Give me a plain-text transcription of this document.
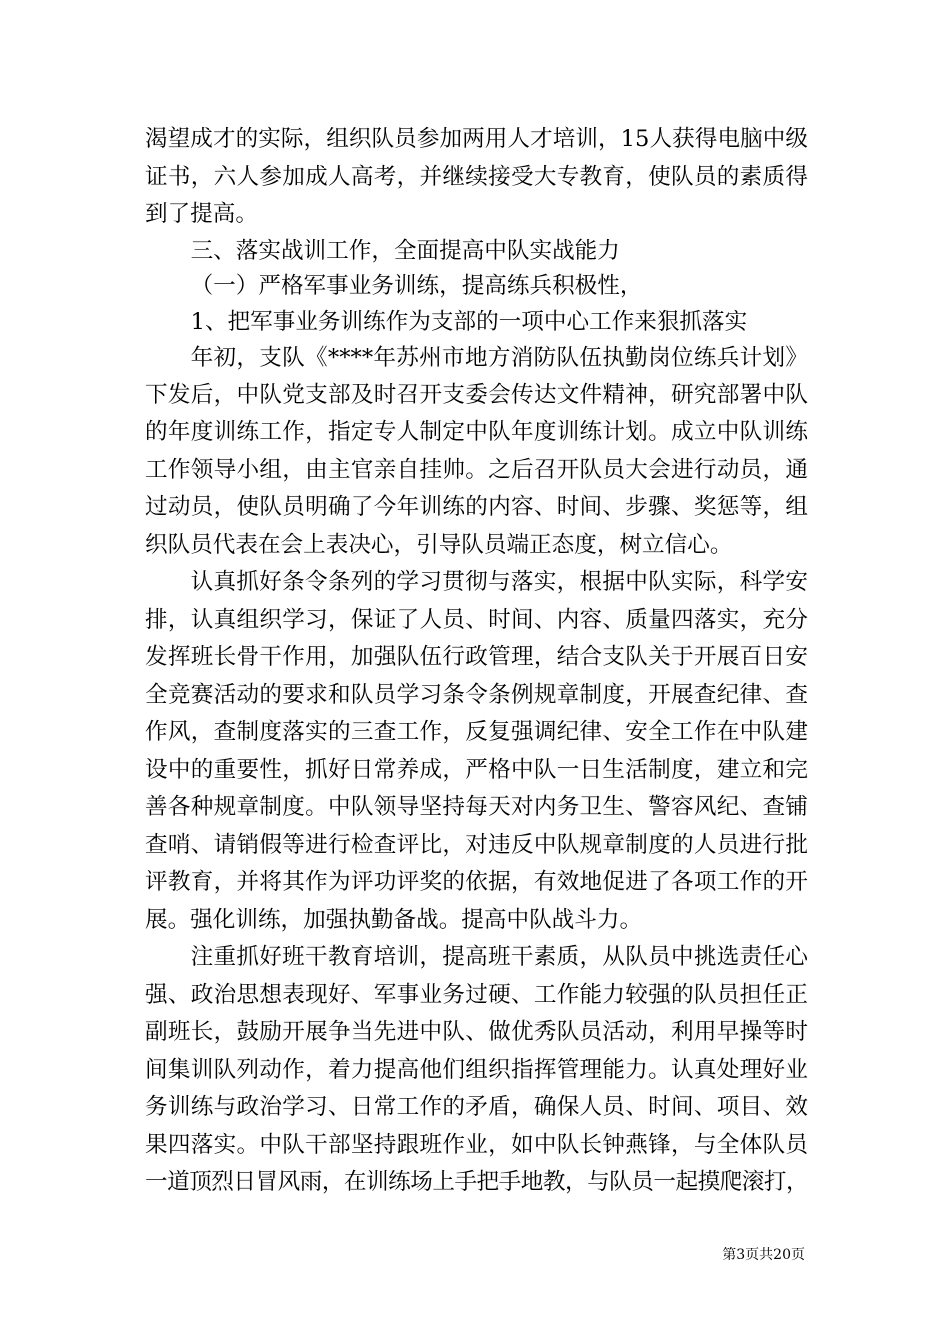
渴望成才的实际，组织队员参加两用人才培训，15人获得电脑中级
证书，六人参加成人高考，并继续接受大专教育，使队员的素质得
到了提高。
三、落实战训工作，全面提高中队实战能力
（一）严格军事业务训练，提高练兵积极性，
1、把军事业务训练作为支部的一项中心工作来狠抓落实
年初，支队《****年苏州市地方消防队伍执勤岗位练兵计划》
下发后，中队党支部及时召开支委会传达文件精神，研究部署中队
的年度训练工作，指定专人制定中队年度训练计划。成立中队训练
工作领导小组，由主官亲自挂帅。之后召开队员大会进行动员，通
过动员，使队员明确了今年训练的内容、时间、步骤、奖惩等，组
织队员代表在会上表决心，引导队员端正态度，树立信心。
认真抓好条令条列的学习贯彻与落实，根据中队实际，科学安
排，认真组织学习，保证了人员、时间、内容、质量四落实，充分
发挥班长骨干作用，加强队伍行政管理，结合支队关于开展百日安
全竞赛活动的要求和队员学习条令条例规章制度，开展查纪律、查
作风，查制度落实的三查工作，反复强调纪律、安全工作在中队建
设中的重要性，抓好日常养成，严格中队一日生活制度，建立和完
善各种规章制度。中队领导坚持每天对内务卫生、警容风纪、查铺
查哨、请销假等进行检查评比，对违反中队规章制度的人员进行批
评教育，并将其作为评功评奖的依据，有效地促进了各项工作的开
展。强化训练，加强执勤备战。提高中队战斗力。
注重抓好班干教育培训，提高班干素质，从队员中挑选责任心
强、政治思想表现好、军事业务过硬、工作能力较强的队员担任正
副班长，鼓励开展争当先进中队、做优秀队员活动，利用早操等时
间集训队列动作，着力提高他们组织指挥管理能力。认真处理好业
务训练与政治学习、日常工作的矛盾，确保人员、时间、项目、效
果四落实。中队干部坚持跟班作业，如中队长钟燕锋，与全体队员
一道顶烈日冒风雨，在训练场上手把手地教，与队员一起摸爬滚打，
第3页共20页
